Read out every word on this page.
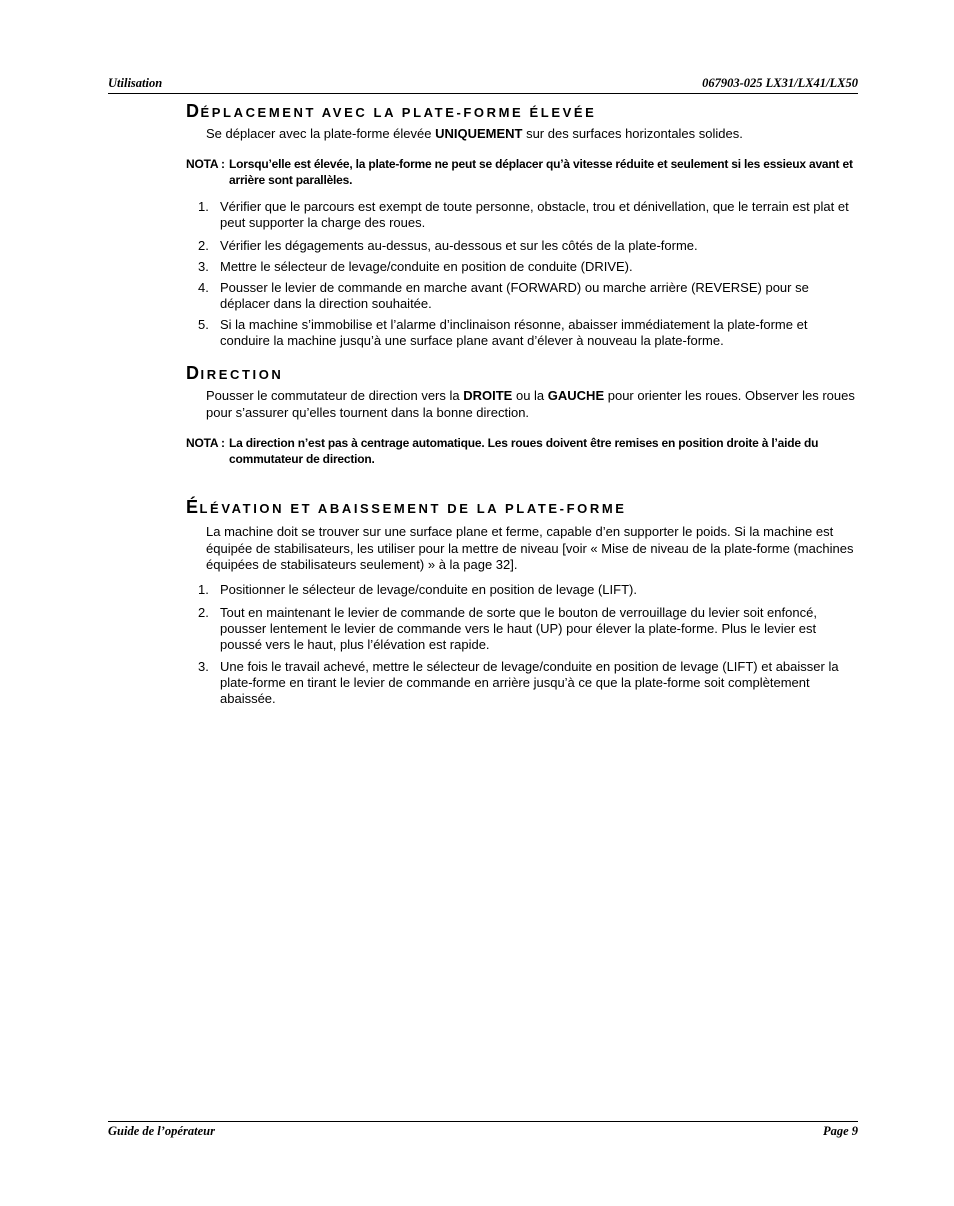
Utilisation	067903-025 LX31/LX41/LX50
DÉPLACEMENT AVEC LA PLATE-FORME ÉLEVÉE
Se déplacer avec la plate-forme élevée UNIQUEMENT sur des surfaces horizontales solides.
NOTA : Lorsqu’elle est élevée, la plate-forme ne peut se déplacer qu’à vitesse réduite et seulement si les essieux avant et arrière sont parallèles.
1. Vérifier que le parcours est exempt de toute personne, obstacle, trou et dénivellation, que le terrain est plat et peut supporter la charge des roues.
2. Vérifier les dégagements au-dessus, au-dessous et sur les côtés de la plate-forme.
3. Mettre le sélecteur de levage/conduite en position de conduite (DRIVE).
4. Pousser le levier de commande en marche avant (FORWARD) ou marche arrière (REVERSE) pour se déplacer dans la direction souhaitée.
5. Si la machine s’immobilise et l’alarme d’inclinaison résonne, abaisser immédiatement la plate-forme et conduire la machine jusqu’à une surface plane avant d’élever à nouveau la plate-forme.
DIRECTION
Pousser le commutateur de direction vers la DROITE ou la GAUCHE pour orienter les roues. Observer les roues pour s’assurer qu’elles tournent dans la bonne direction.
NOTA : La direction n’est pas à centrage automatique. Les roues doivent être remises en position droite à l’aide du commutateur de direction.
ÉLÉVATION ET ABAISSEMENT DE LA PLATE-FORME
La machine doit se trouver sur une surface plane et ferme, capable d’en supporter le poids. Si la machine est équipée de stabilisateurs, les utiliser pour la mettre de niveau [voir « Mise de niveau de la plate-forme (machines équipées de stabilisateurs seulement) » à la page 32].
1. Positionner le sélecteur de levage/conduite en position de levage (LIFT).
2. Tout en maintenant le levier de commande de sorte que le bouton de verrouillage du levier soit enfoncé, pousser lentement le levier de commande vers le haut (UP) pour élever la plate-forme. Plus le levier est poussé vers le haut, plus l’élévation est rapide.
3. Une fois le travail achevé, mettre le sélecteur de levage/conduite en position de levage (LIFT) et abaisser la plate-forme en tirant le levier de commande en arrière jusqu’à ce que la plate-forme soit complètement abaissée.
Guide de l’opérateur	Page 9
